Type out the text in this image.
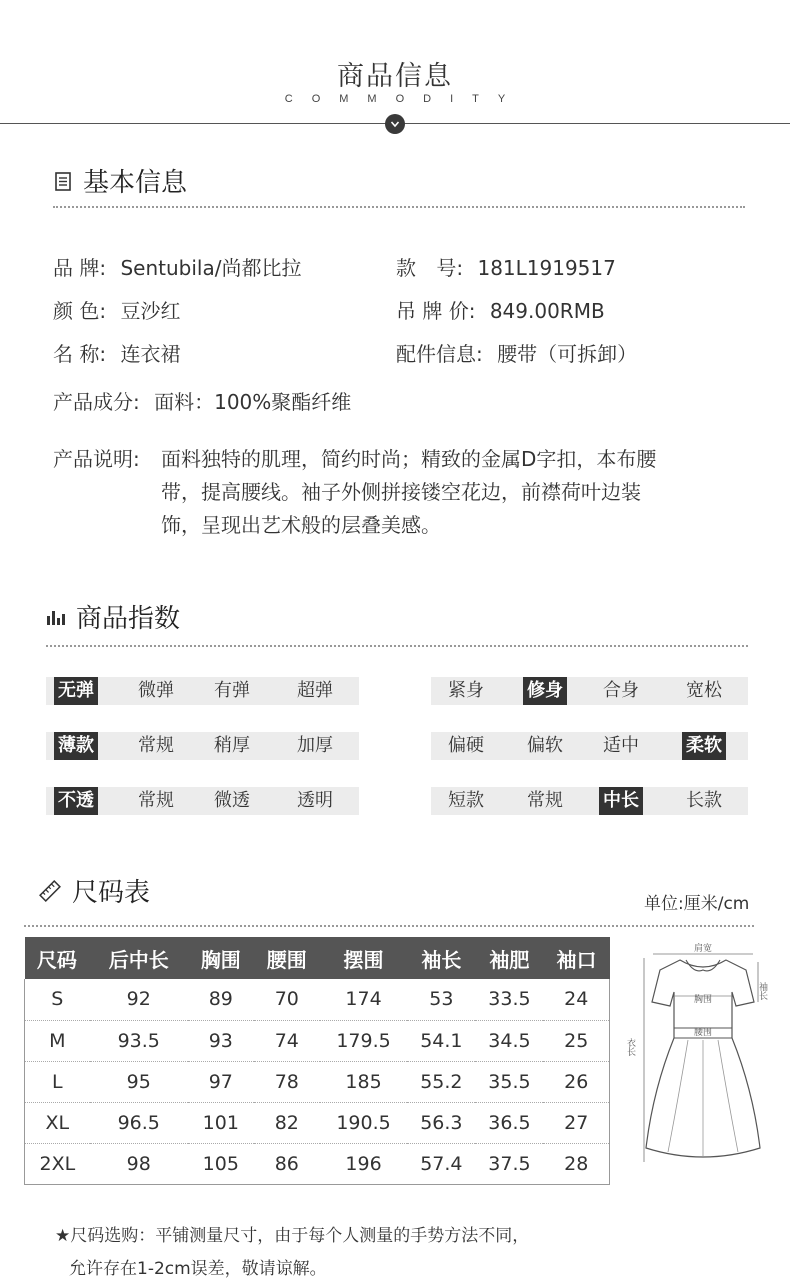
商品信息
COMMODITY
基本信息
品 牌: Sentubila/尚都比拉	款 号: 181L1919517
颜 色: 豆沙红	吊 牌 价: 849.00RMB
名 称: 连衣裙	配件信息: 腰带（可拆卸）
产品成分: 面料：100%聚酯纤维
产品说明: 面料独特的肌理，简约时尚；精致的金属D字扣，本布腰
带，提高腰线。袖子外侧拼接镂空花边，前襟荷叶边装
饰，呈现出艺术般的层叠美感。
商品指数
无弹 微弹 有弹	超弹	紧身 修身 合身	宽松
薄款 常规 稍厚	加厚	偏硬 偏软 适中	柔软
不透 常规 微透	透明	短款 常规 中长	长款
尺码表	单位:厘米/cm
尺码	后中长	胸围	腰围	摆围	袖长	袖肥	袖口
S	92	89	70	174	53	33.5	24
M	93.5	93	74	179.5	54.1	34.5	25
L	95	97	78	185	55.2	35.5	26
XL	96.5	101	82	190.5	56.3	36.5	27
2XL	98	105	86	196	57.4	37.5	28
肩宽
袖长
衣长
胸围
腰围
★尺码选购：平铺测量尺寸，由于每个人测量的手势方法不同，
允许存在1-2cm误差，敬请谅解。
